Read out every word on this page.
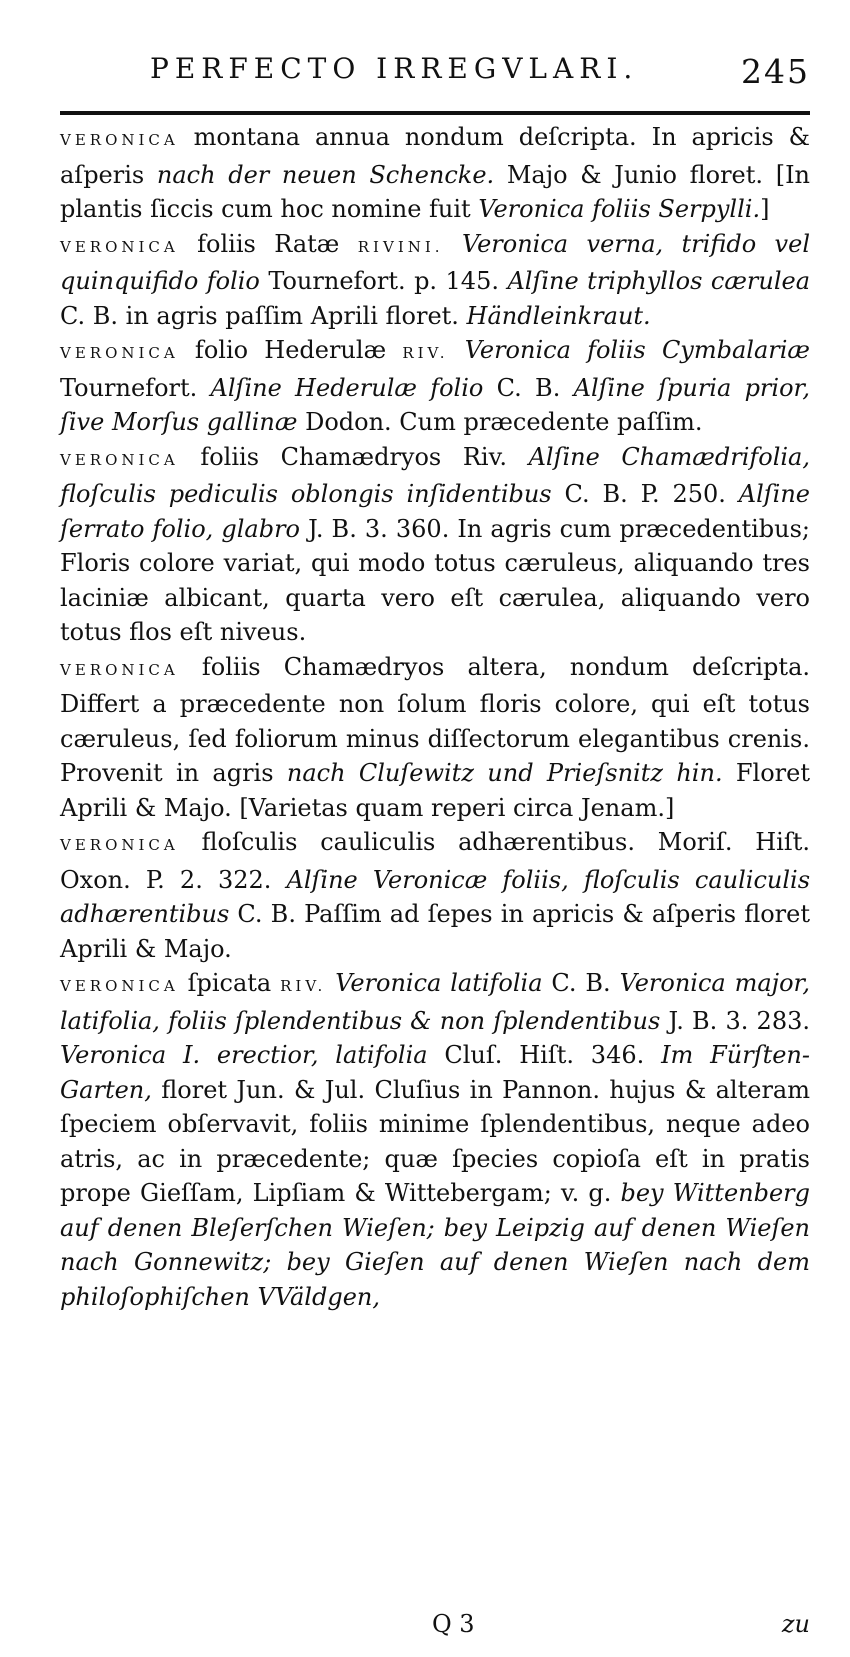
PERFECTO IRREGVLARI.	245

VERONICA montana annua nondum deſcripta. In apricis & aſperis nach der neuen Schencke. Majo & Junio floret. [In plantis ſiccis cum hoc nomine fuit Veronica foliis Serpylli.]

VERONICA foliis Ratæ RIVINI. Veronica verna, trifido vel quinquifido folio Tournefort. p. 145. Alſine triphyllos cærulea C. B. in agris paſſim Aprili floret. Händleinkraut.

VERONICA folio Hederulæ RIV. Veronica foliis Cymbalariæ Tournefort. Alſine Hederulæ folio C. B. Alſine ſpuria prior, ſive Morſus gallinæ Dodon. Cum præcedente paſſim.

VERONICA foliis Chamædryos Riv. Alſine Chamædrifolia, floſculis pediculis oblongis inſidentibus C. B. P. 250. Alſine ſerrato folio, glabro J. B. 3. 360. In agris cum præcedentibus; Floris colore variat, qui modo totus cæruleus, aliquando tres laciniæ albicant, quarta vero eſt cærulea, aliquando vero totus flos eſt niveus.

VERONICA foliis Chamædryos altera, nondum deſcripta. Differt a præcedente non ſolum floris colore, qui eſt totus cæruleus, ſed foliorum minus diſſectorum elegantibus crenis. Provenit in agris nach Cluſewitz und Prieſsnitz hin. Floret Aprili & Majo. [Varietas quam reperi circa Jenam.]

VERONICA floſculis cauliculis adhærentibus. Moriſ. Hiſt. Oxon. P. 2. 322. Alſine Veronicæ foliis, floſculis cauliculis adhærentibus C. B. Paſſim ad ſepes in apricis & aſperis floret Aprili & Majo.

VERONICA ſpicata RIV. Veronica latifolia C. B. Veronica major, latifolia, foliis ſplendentibus & non ſplendentibus J. B. 3. 283. Veronica I. erectior, latifolia Cluſ. Hiſt. 346. Im Fürſten-Garten, floret Jun. & Jul. Cluſius in Pannon. hujus & alteram ſpeciem obſervavit, foliis minime ſplendentibus, neque adeo atris, ac in præcedente; quæ ſpecies copioſa eſt in pratis prope Gieſſam, Lipſiam & Wittebergam; v. g. bey Wittenberg auf denen Bleſerſchen Wieſen; bey Leipzig auf denen Wieſen nach Gonnewitz; bey Gieſen auf denen Wieſen nach dem philoſophiſchen VVäldgen,

Q 3	zu
